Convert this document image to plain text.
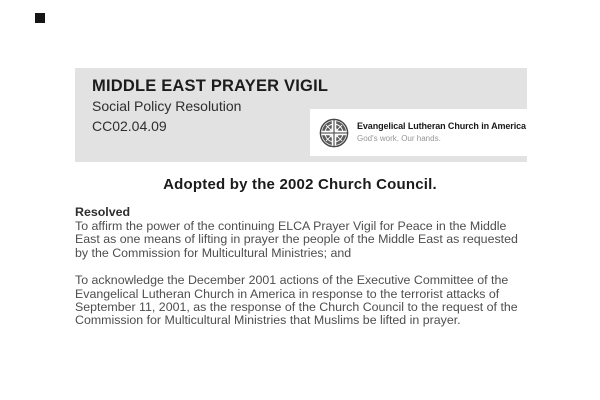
MIDDLE EAST PRAYER VIGIL
Social Policy Resolution
CC02.04.09	Evangelical Lutheran Church in America
God's work. Our hands.
Adopted by the 2002 Church Council.
Resolved

To affirm the power of the continuing ELCA Prayer Vigil for Peace in the Middle East as one means of lifting in prayer the people of the Middle East as requested by the Commission for Multicultural Ministries; and

To acknowledge the December 2001 actions of the Executive Committee of the Evangelical Lutheran Church in America in response to the terrorist attacks of September 11, 2001, as the response of the Church Council to the request of the Commission for Multicultural Ministries that Muslims be lifted in prayer.
